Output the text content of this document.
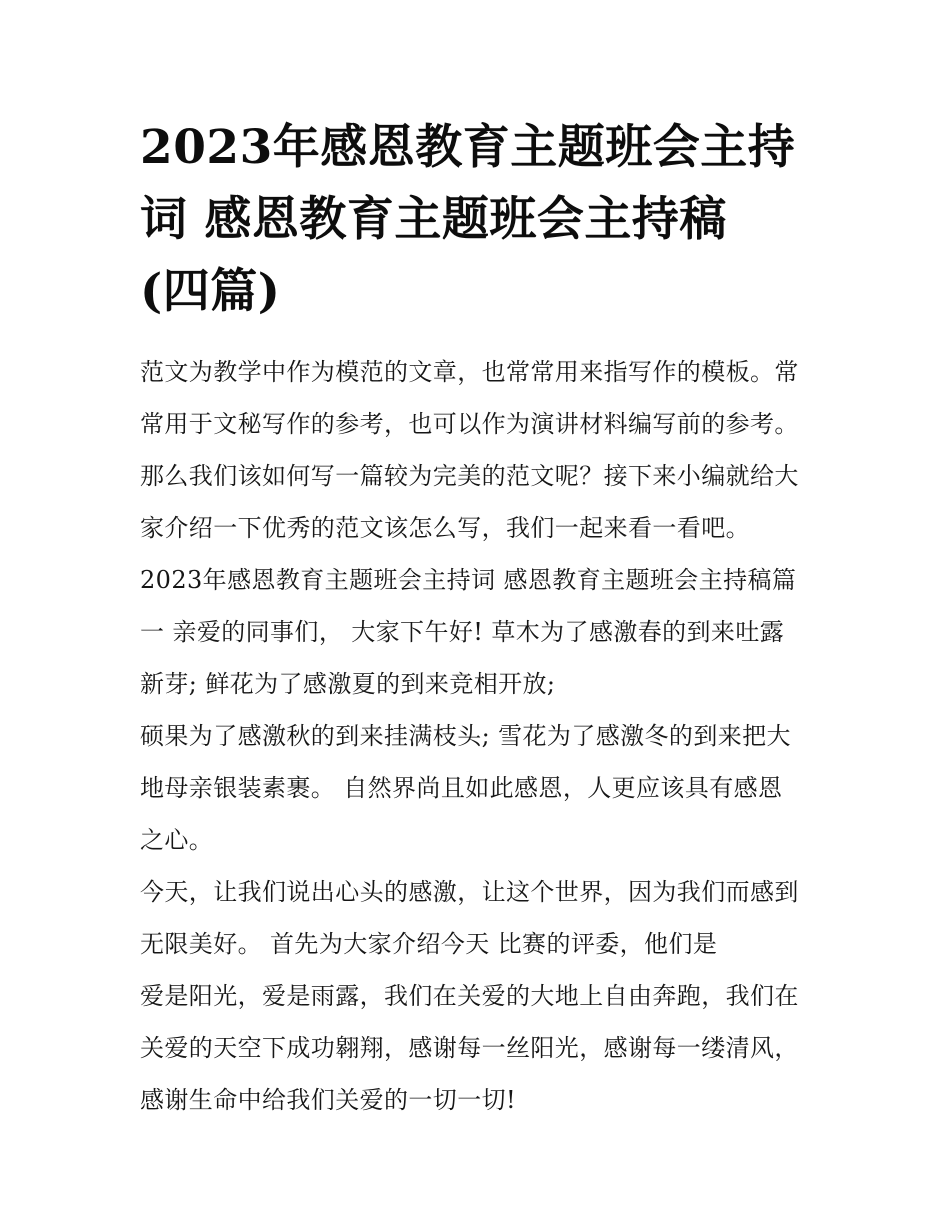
2023年感恩教育主题班会主持
词 感恩教育主题班会主持稿
(四篇)
范文为教学中作为模范的文章，也常常用来指写作的模板。常
常用于文秘写作的参考，也可以作为演讲材料编写前的参考。
那么我们该如何写一篇较为完美的范文呢？接下来小编就给大
家介绍一下优秀的范文该怎么写，我们一起来看一看吧。
2023年感恩教育主题班会主持词 感恩教育主题班会主持稿篇
一 亲爱的同事们， 大家下午好! 草木为了感激春的到来吐露
新芽; 鲜花为了感激夏的到来竞相开放;
硕果为了感激秋的到来挂满枝头; 雪花为了感激冬的到来把大
地母亲银装素裹。 自然界尚且如此感恩，人更应该具有感恩
之心。
今天，让我们说出心头的感激，让这个世界，因为我们而感到
无限美好。 首先为大家介绍今天 比赛的评委，他们是
爱是阳光，爱是雨露，我们在关爱的大地上自由奔跑，我们在
关爱的天空下成功翱翔，感谢每一丝阳光，感谢每一缕清风，
感谢生命中给我们关爱的一切一切!
